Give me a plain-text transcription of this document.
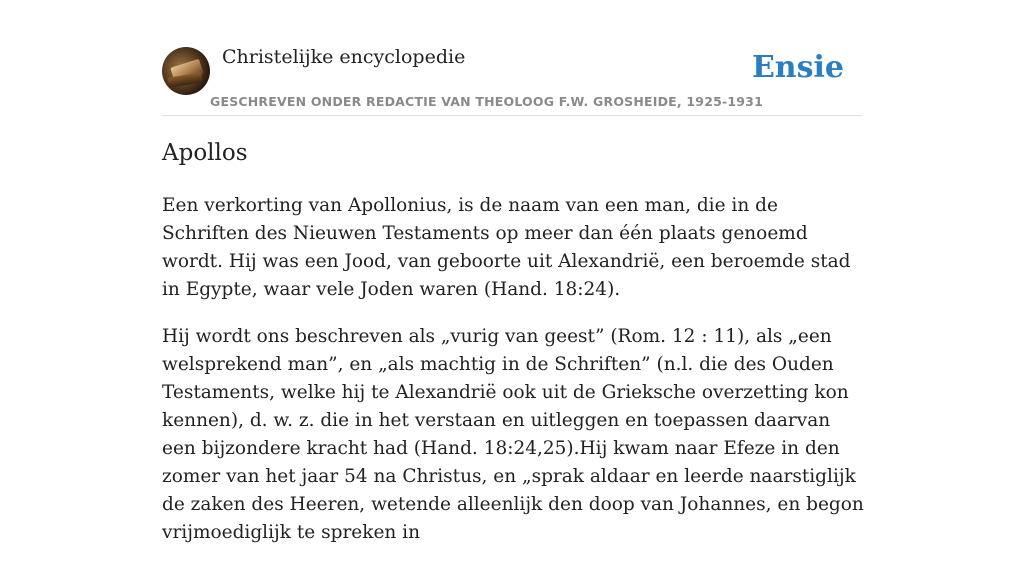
Christelijke encyclopedie
GESCHREVEN ONDER REDACTIE VAN THEOLOOG F.W. GROSHEIDE, 1925-1931
Ensie
Apollos

Een verkorting van Apollonius, is de naam van een man, die in de Schriften des Nieuwen Testaments op meer dan één plaats genoemd wordt. Hij was een Jood, van geboorte uit Alexandrië, een beroemde stad in Egypte, waar vele Joden waren (Hand. 18:24).

Hij wordt ons beschreven als „vurig van geest” (Rom. 12 : 11), als „een welsprekend man”, en „als machtig in de Schriften” (n.l. die des Ouden Testaments, welke hij te Alexandrië ook uit de Grieksche overzetting kon kennen), d. w. z. die in het verstaan en uitleggen en toepassen daarvan een bijzondere kracht had (Hand. 18:24,25).Hij kwam naar Efeze in den zomer van het jaar 54 na Christus, en „sprak aldaar en leerde naarstiglijk de zaken des Heeren, wetende alleenlijk den doop van Johannes, en begon vrijmoediglijk te spreken in
